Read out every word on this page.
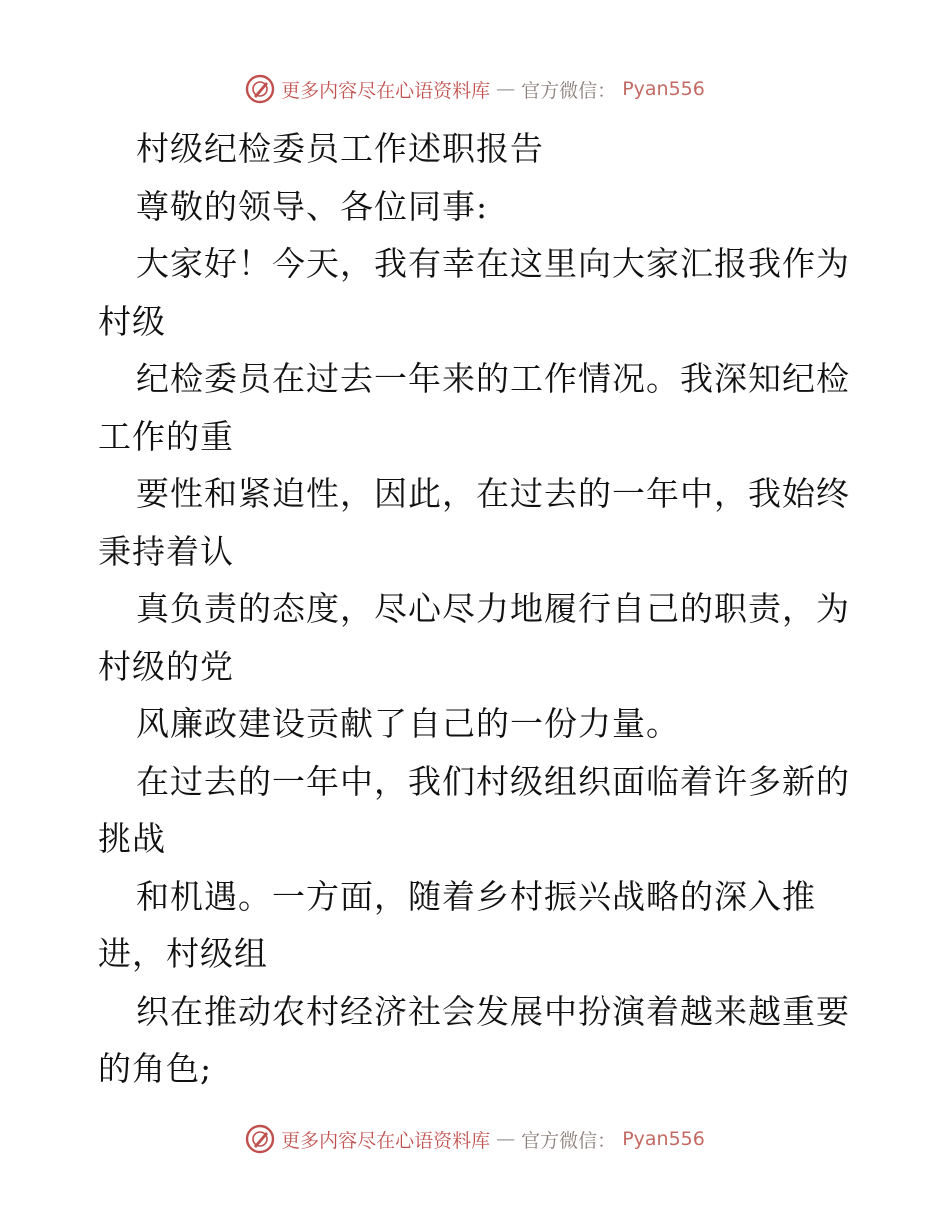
更多内容尽在心语资料库 — 官方微信： Pyan556
村级纪检委员工作述职报告
尊敬的领导、各位同事:
大家好！今天，我有幸在这里向大家汇报我作为
村级
纪检委员在过去一年来的工作情况。我深知纪检
工作的重
要性和紧迫性，因此，在过去的一年中，我始终
秉持着认
真负责的态度，尽心尽力地履行自己的职责，为
村级的党
风廉政建设贡献了自己的一份力量。
在过去的一年中，我们村级组织面临着许多新的
挑战
和机遇。一方面，随着乡村振兴战略的深入推
进，村级组
织在推动农村经济社会发展中扮演着越来越重要
的角色;
更多内容尽在心语资料库 — 官方微信： Pyan556
